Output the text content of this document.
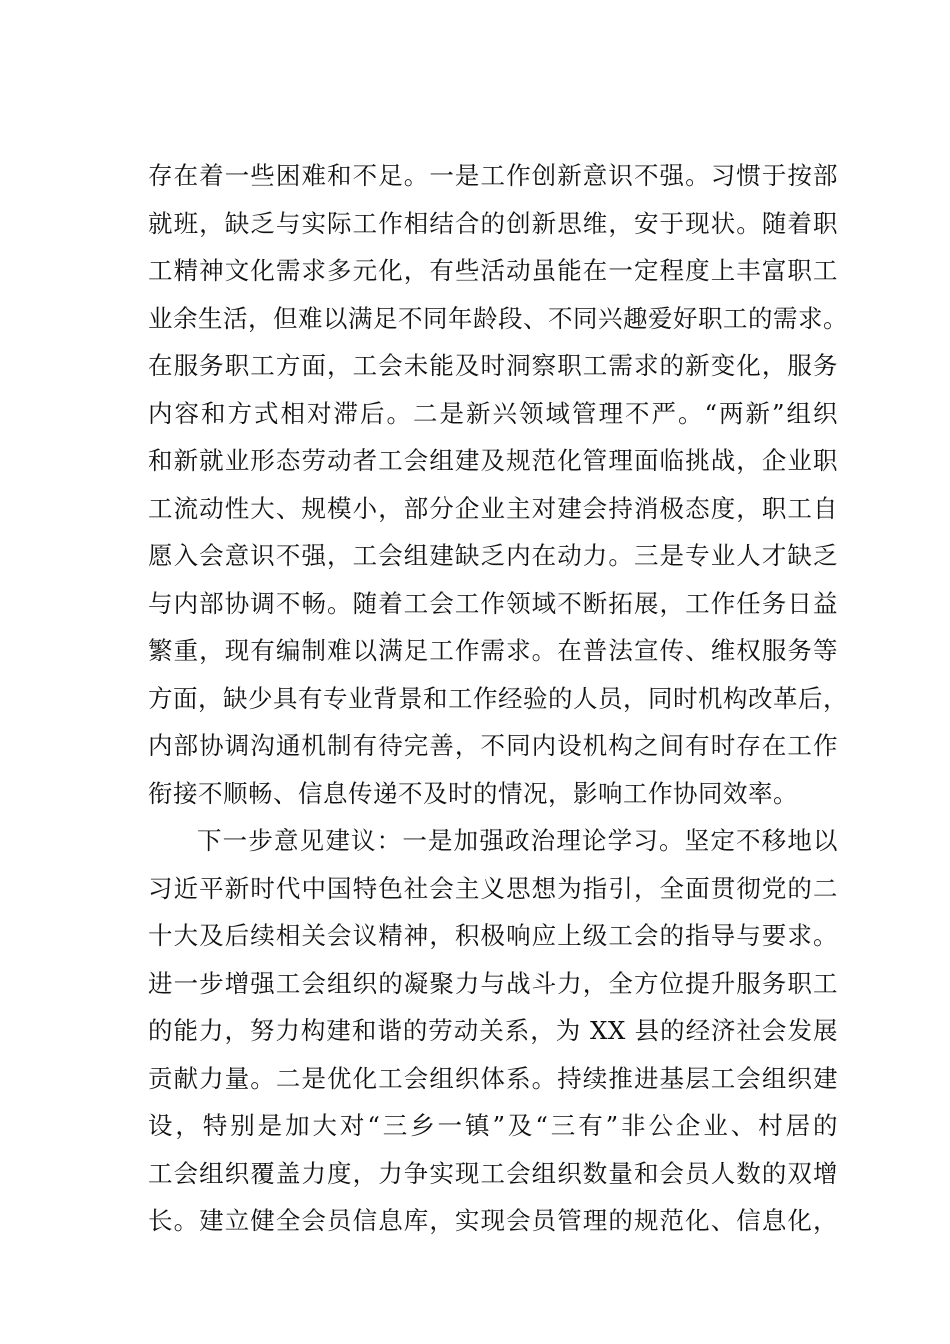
存在着一些困难和不足。一是工作创新意识不强。习惯于按部
就班，缺乏与实际工作相结合的创新思维，安于现状。随着职
工精神文化需求多元化，有些活动虽能在一定程度上丰富职工
业余生活，但难以满足不同年龄段、不同兴趣爱好职工的需求。
在服务职工方面，工会未能及时洞察职工需求的新变化，服务
内容和方式相对滞后。二是新兴领域管理不严。“两新”组织
和新就业形态劳动者工会组建及规范化管理面临挑战，企业职
工流动性大、规模小，部分企业主对建会持消极态度，职工自
愿入会意识不强，工会组建缺乏内在动力。三是专业人才缺乏
与内部协调不畅。随着工会工作领域不断拓展，工作任务日益
繁重，现有编制难以满足工作需求。在普法宣传、维权服务等
方面，缺少具有专业背景和工作经验的人员，同时机构改革后，
内部协调沟通机制有待完善，不同内设机构之间有时存在工作
衔接不顺畅、信息传递不及时的情况，影响工作协同效率。
下一步意见建议：一是加强政治理论学习。坚定不移地以
习近平新时代中国特色社会主义思想为指引，全面贯彻党的二
十大及后续相关会议精神，积极响应上级工会的指导与要求。
进一步增强工会组织的凝聚力与战斗力，全方位提升服务职工
的能力，努力构建和谐的劳动关系，为 XX 县的经济社会发展
贡献力量。二是优化工会组织体系。持续推进基层工会组织建
设，特别是加大对“三乡一镇”及“三有”非公企业、村居的
工会组织覆盖力度，力争实现工会组织数量和会员人数的双增
长。建立健全会员信息库，实现会员管理的规范化、信息化，
